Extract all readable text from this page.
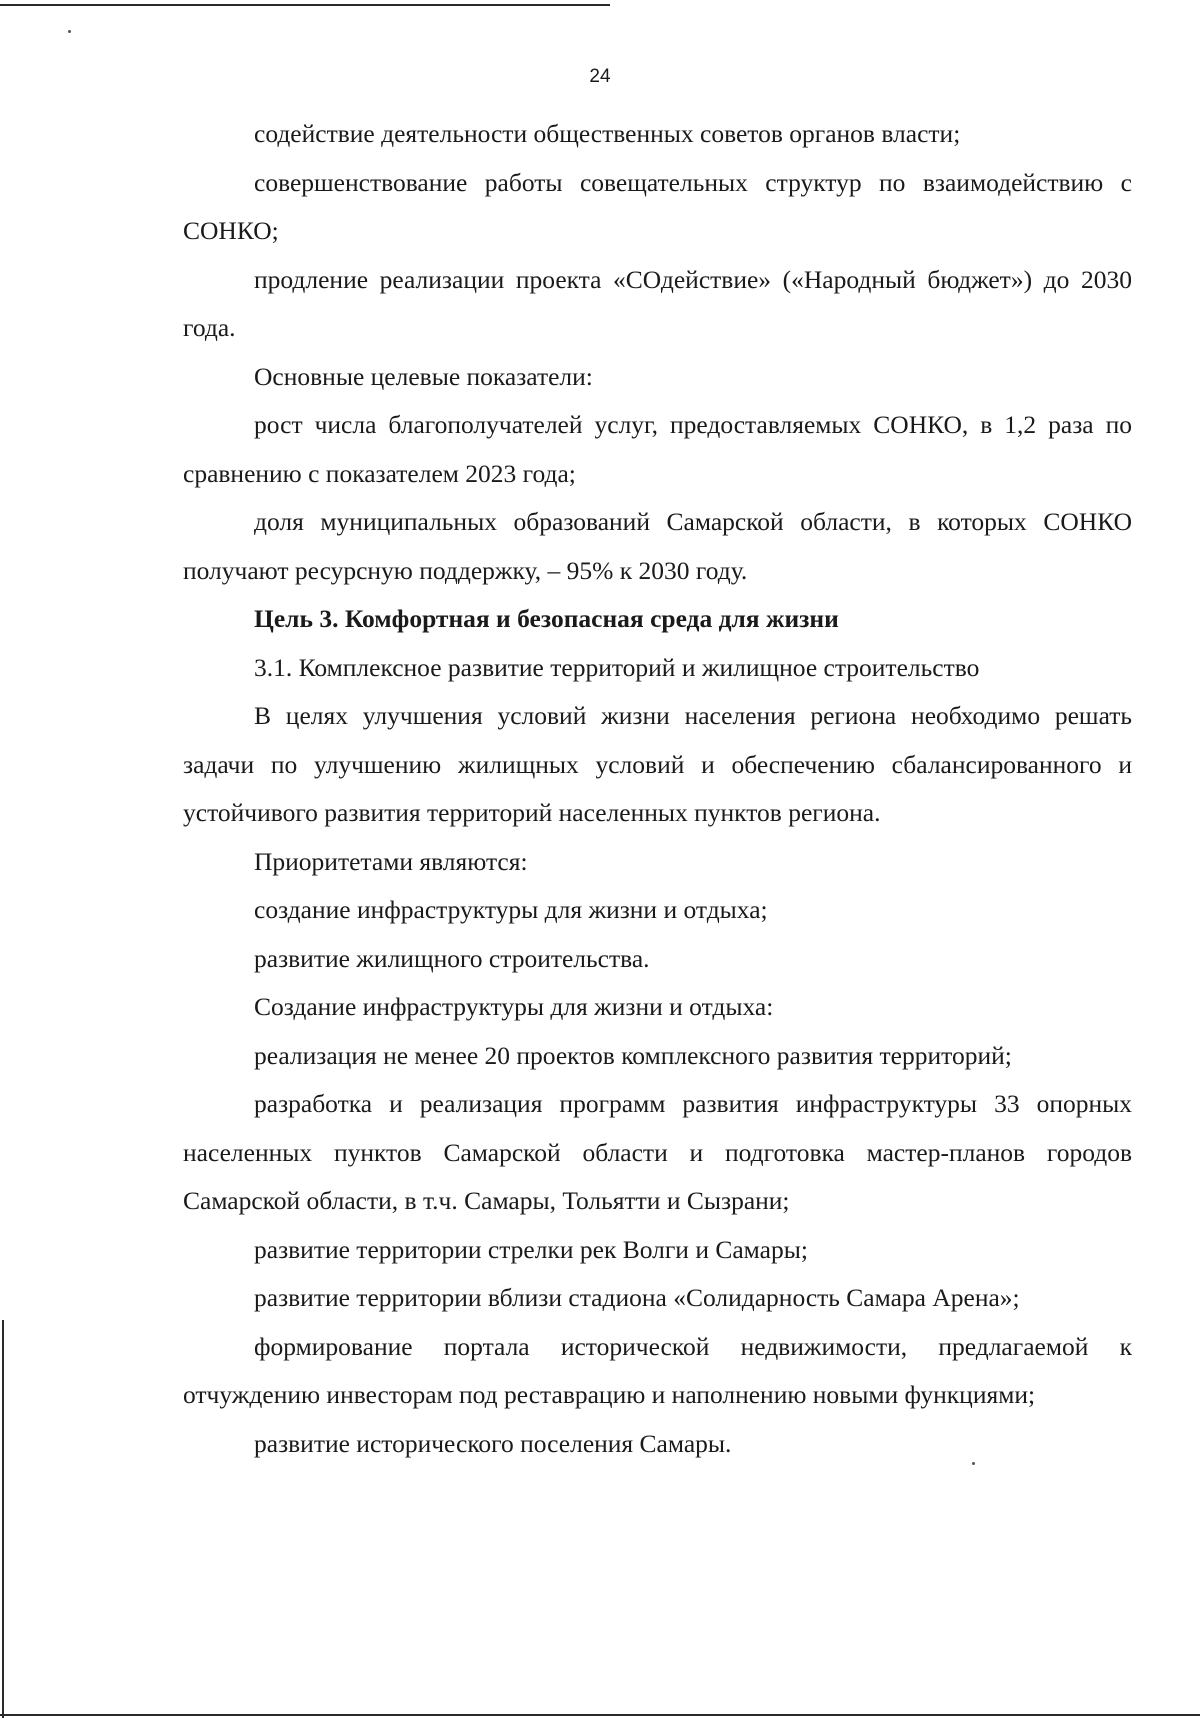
24

содействие деятельности общественных советов органов власти;

совершенствование работы совещательных структур по взаимодействию с СОНКО;

продление реализации проекта «СОдействие» («Народный бюджет») до 2030 года.

Основные целевые показатели:

рост числа благополучателей услуг, предоставляемых СОНКО, в 1,2 раза по сравнению с показателем 2023 года;

доля муниципальных образований Самарской области, в которых СОНКО получают ресурсную поддержку, – 95% к 2030 году.

Цель 3. Комфортная и безопасная среда для жизни

3.1. Комплексное развитие территорий и жилищное строительство

В целях улучшения условий жизни населения региона необходимо решать задачи по улучшению жилищных условий и обеспечению сбалансированного и устойчивого развития территорий населенных пунктов региона.

Приоритетами являются:

создание инфраструктуры для жизни и отдыха;

развитие жилищного строительства.

Создание инфраструктуры для жизни и отдыха:

реализация не менее 20 проектов комплексного развития территорий;

разработка и реализация программ развития инфраструктуры 33 опорных населенных пунктов Самарской области и подготовка мастер-планов городов Самарской области, в т.ч. Самары, Тольятти и Сызрани;

развитие территории стрелки рек Волги и Самары;

развитие территории вблизи стадиона «Солидарность Самара Арена»;

формирование портала исторической недвижимости, предлагаемой к отчуждению инвесторам под реставрацию и наполнению новыми функциями;

развитие исторического поселения Самары.
